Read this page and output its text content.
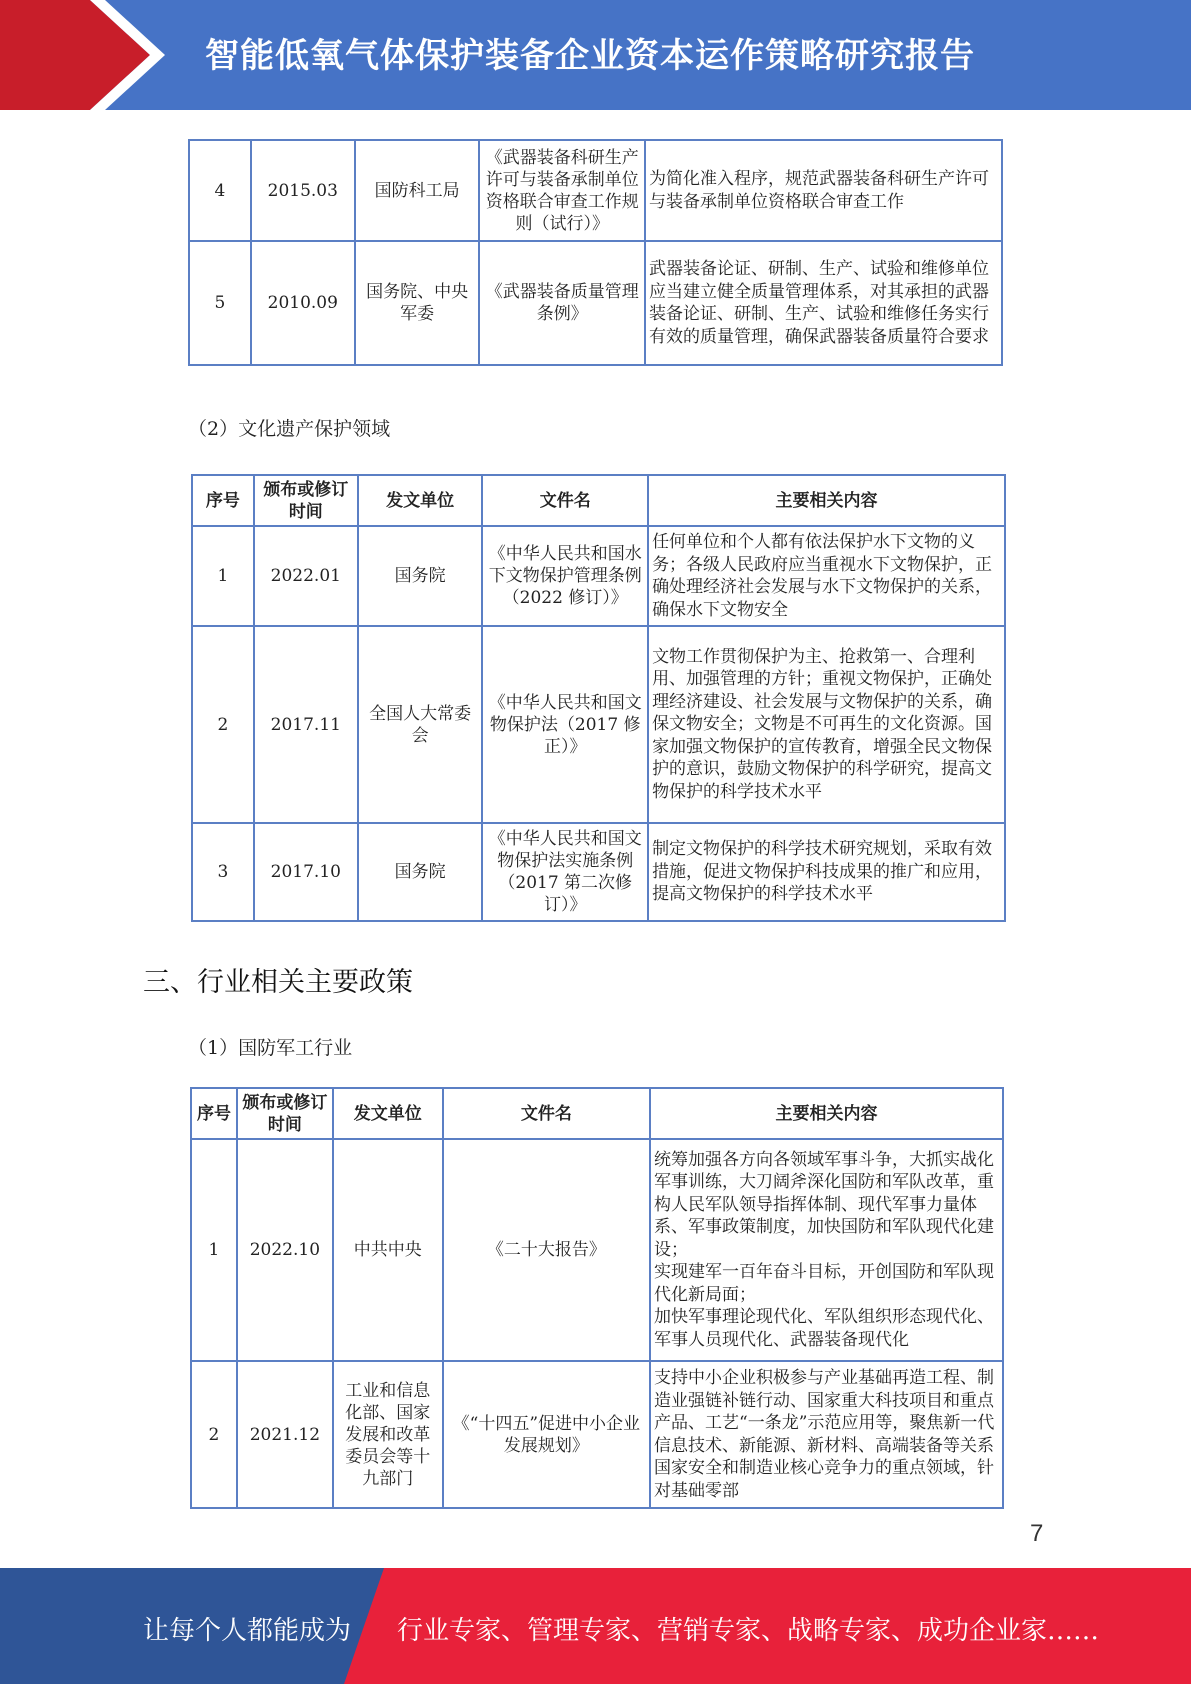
智能低氧气体保护装备企业资本运作策略研究报告
4	2015.03	国防科工局	《武器装备科研生产许可与装备承制单位资格联合审查工作规则（试行）》	为简化准入程序，规范武器装备科研生产许可与装备承制单位资格联合审查工作
5	2010.09	国务院、中央军委	《武器装备质量管理条例》	武器装备论证、研制、生产、试验和维修单位应当建立健全质量管理体系，对其承担的武器装备论证、研制、生产、试验和维修任务实行有效的质量管理，确保武器装备质量符合要求
（2）文化遗产保护领域
序号	颁布或修订时间	发文单位	文件名	主要相关内容
1	2022.01	国务院	《中华人民共和国水下文物保护管理条例（2022 修订）》	任何单位和个人都有依法保护水下文物的义务；各级人民政府应当重视水下文物保护，正确处理经济社会发展与水下文物保护的关系，确保水下文物安全
2	2017.11	全国人大常委会	《中华人民共和国文物保护法（2017 修正）》	文物工作贯彻保护为主、抢救第一、合理利用、加强管理的方针；重视文物保护，正确处理经济建设、社会发展与文物保护的关系，确保文物安全；文物是不可再生的文化资源。国家加强文物保护的宣传教育，增强全民文物保护的意识，鼓励文物保护的科学研究，提高文物保护的科学技术水平
3	2017.10	国务院	《中华人民共和国文物保护法实施条例（2017 第二次修订）》	制定文物保护的科学技术研究规划，采取有效措施，促进文物保护科技成果的推广和应用，提高文物保护的科学技术水平
三、行业相关主要政策
（1）国防军工行业
序号	颁布或修订时间	发文单位	文件名	主要相关内容
1	2022.10	中共中央	《二十大报告》	统筹加强各方向各领域军事斗争，大抓实战化军事训练，大刀阔斧深化国防和军队改革，重构人民军队领导指挥体制、现代军事力量体系、军事政策制度，加快国防和军队现代化建设；
实现建军一百年奋斗目标，开创国防和军队现代化新局面；
加快军事理论现代化、军队组织形态现代化、军事人员现代化、武器装备现代化

2	2021.12	工业和信息化部、国家发展和改革委员会等十九部门	《“十四五”促进中小企业发展规划》	支持中小企业积极参与产业基础再造工程、制造业强链补链行动、国家重大科技项目和重点产品、工艺“一条龙”示范应用等，聚焦新一代信息技术、新能源、新材料、高端装备等关系国家安全和制造业核心竞争力的重点领域，针对基础零部
7
让每个人都能成为 行业专家、管理专家、营销专家、战略专家、成功企业家……
